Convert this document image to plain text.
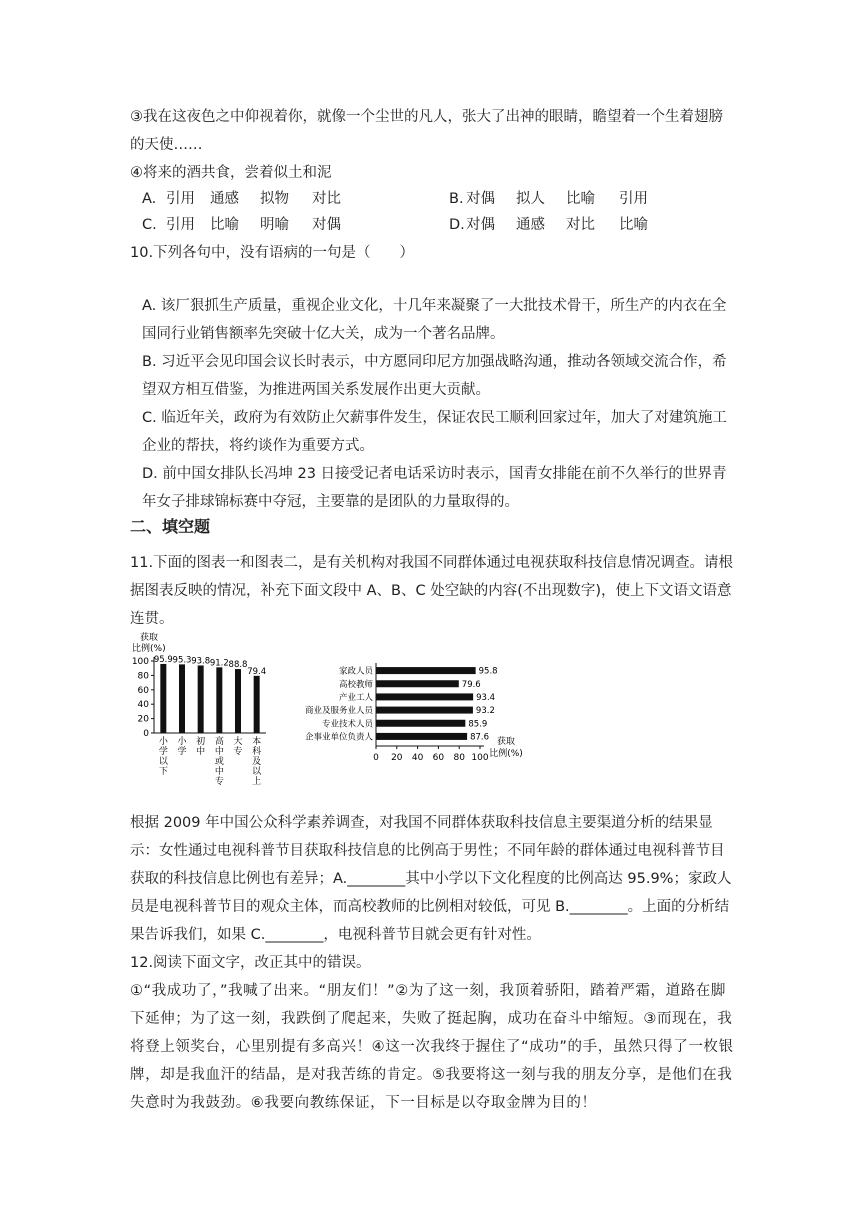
③我在这夜色之中仰视着你，就像一个尘世的凡人，张大了出神的眼睛，瞻望着一个生着翅膀的天使……

④将来的酒共食，尝着似土和泥

A. 引用 通感 拟物 对比	B. 对偶 拟人 比喻 引用
C. 引用 比喻 明喻 对偶	D. 对偶 通感 对比 比喻

10.下列各句中，没有语病的一句是（　　）

A. 该厂狠抓生产质量，重视企业文化，十几年来凝聚了一大批技术骨干，所生产的内衣在全国同行业销售额率先突破十亿大关，成为一个著名品牌。

B. 习近平会见印国会议长时表示，中方愿同印尼方加强战略沟通，推动各领域交流合作，希望双方相互借鉴，为推进两国关系发展作出更大贡献。

C. 临近年关，政府为有效防止欠薪事件发生，保证农民工顺利回家过年，加大了对建筑施工企业的帮扶，将约谈作为重要方式。

D. 前中国女排队长冯坤 23 日接受记者电话采访时表示，国青女排能在前不久举行的世界青年女子排球锦标赛中夺冠，主要靠的是团队的力量取得的。

二、填空题

11.下面的图表一和图表二，是有关机构对我国不同群体通过电视获取科技信息情况调查。请根据图表反映的情况，补充下面文段中 A、B、C 处空缺的内容(不出现数字)，使上下文语文语意连贯。

获取
比例(%)
0
20
40
60
80
100 95.9
小学以下
95.3
小学
93.8
初中
91.2
高中或中专
88.8
大专
79.4
本科及以上
0 20 40 60 80 100
获取
比例(%)
95.8
家政人员
79.6
高校教师
93.4
产业工人
93.2
商业及服务业人员
85.9
专业技术人员
87.6
企事业单位负责人

根据 2009 年中国公众科学素养调查，对我国不同群体获取科技信息主要渠道分析的结果显示：女性通过电视科普节目获取科技信息的比例高于男性；不同年龄的群体通过电视科普节目获取的科技信息比例也有差异；A.________其中小学以下文化程度的比例高达 95.9%；家政人员是电视科普节目的观众主体，而高校教师的比例相对较低，可见 B.________。上面的分析结果告诉我们，如果 C.________，电视科普节目就会更有针对性。

12.阅读下面文字，改正其中的错误。

①“我成功了，”我喊了出来。“朋友们！”②为了这一刻，我顶着骄阳，踏着严霜，道路在脚下延伸；为了这一刻，我跌倒了爬起来，失败了挺起胸，成功在奋斗中缩短。③而现在，我将登上领奖台，心里别提有多高兴！④这一次我终于握住了“成功”的手，虽然只得了一枚银牌，却是我血汗的结晶，是对我苦练的肯定。⑤我要将这一刻与我的朋友分享，是他们在我失意时为我鼓劲。⑥我要向教练保证，下一目标是以夺取金牌为目的！
